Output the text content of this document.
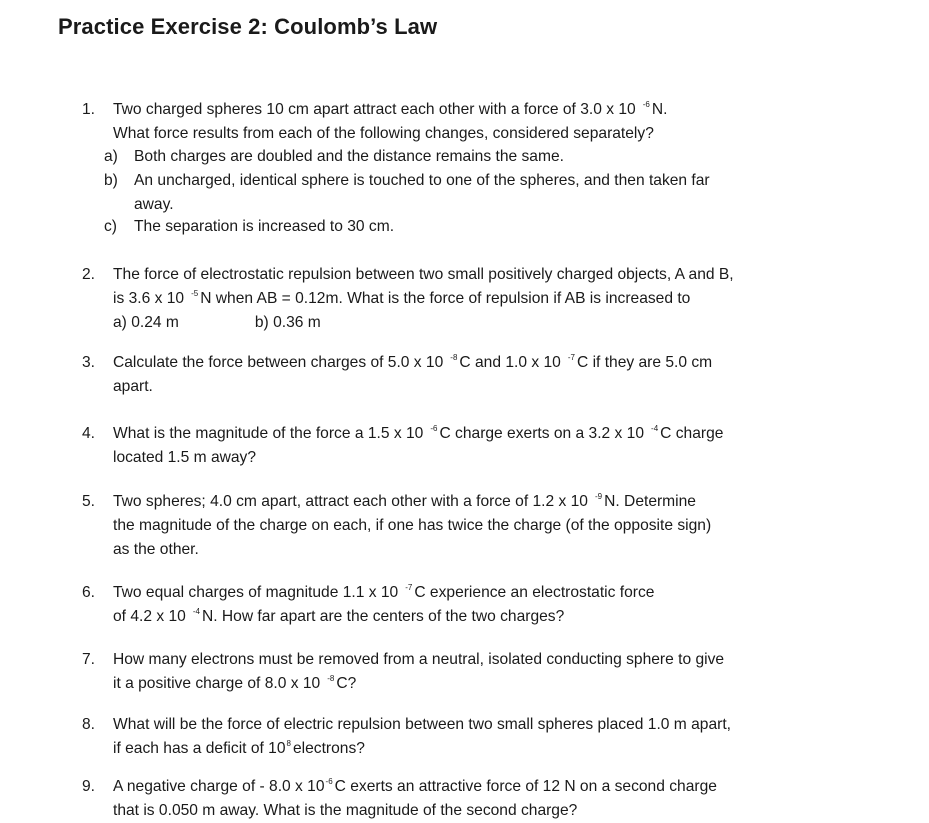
Practice Exercise 2: Coulomb’s Law
1. Two charged spheres 10 cm apart attract each other with a force of 3.0 x 10 $^{-6}$ N.
What force results from each of the following changes, considered separately?
a) Both charges are doubled and the distance remains the same.
b) An uncharged, identical sphere is touched to one of the spheres, and then taken far
away.
c) The separation is increased to 30 cm.
2. The force of electrostatic repulsion between two small positively charged objects, A and B,
is 3.6 x 10 $^{-5}$ N when AB = 0.12m. What is the force of repulsion if AB is increased to
a) 0.24 m	b) 0.36 m
3. Calculate the force between charges of 5.0 x 10 $^{-8}$ C and 1.0 x 10 $^{-7}$ C if they are 5.0 cm
apart.
4. What is the magnitude of the force a 1.5 x 10 $^{-6}$ C charge exerts on a 3.2 x 10 $^{-4}$ C charge
located 1.5 m away?
5. Two spheres; 4.0 cm apart, attract each other with a force of 1.2 x 10 $^{-9}$ N. Determine
the magnitude of the charge on each, if one has twice the charge (of the opposite sign)
as the other.
6. Two equal charges of magnitude 1.1 x 10 $^{-7}$ C experience an electrostatic force
of 4.2 x 10 $^{-4}$ N. How far apart are the centers of the two charges?
7. How many electrons must be removed from a neutral, isolated conducting sphere to give
it a positive charge of 8.0 x 10 $^{-8}$ C?
8. What will be the force of electric repulsion between two small spheres placed 1.0 m apart,
if each has a deficit of $10^8$ electrons?
9. A negative charge of - 8.0 x $10^{-6}$ C exerts an attractive force of 12 N on a second charge
that is 0.050 m away. What is the magnitude of the second charge?
